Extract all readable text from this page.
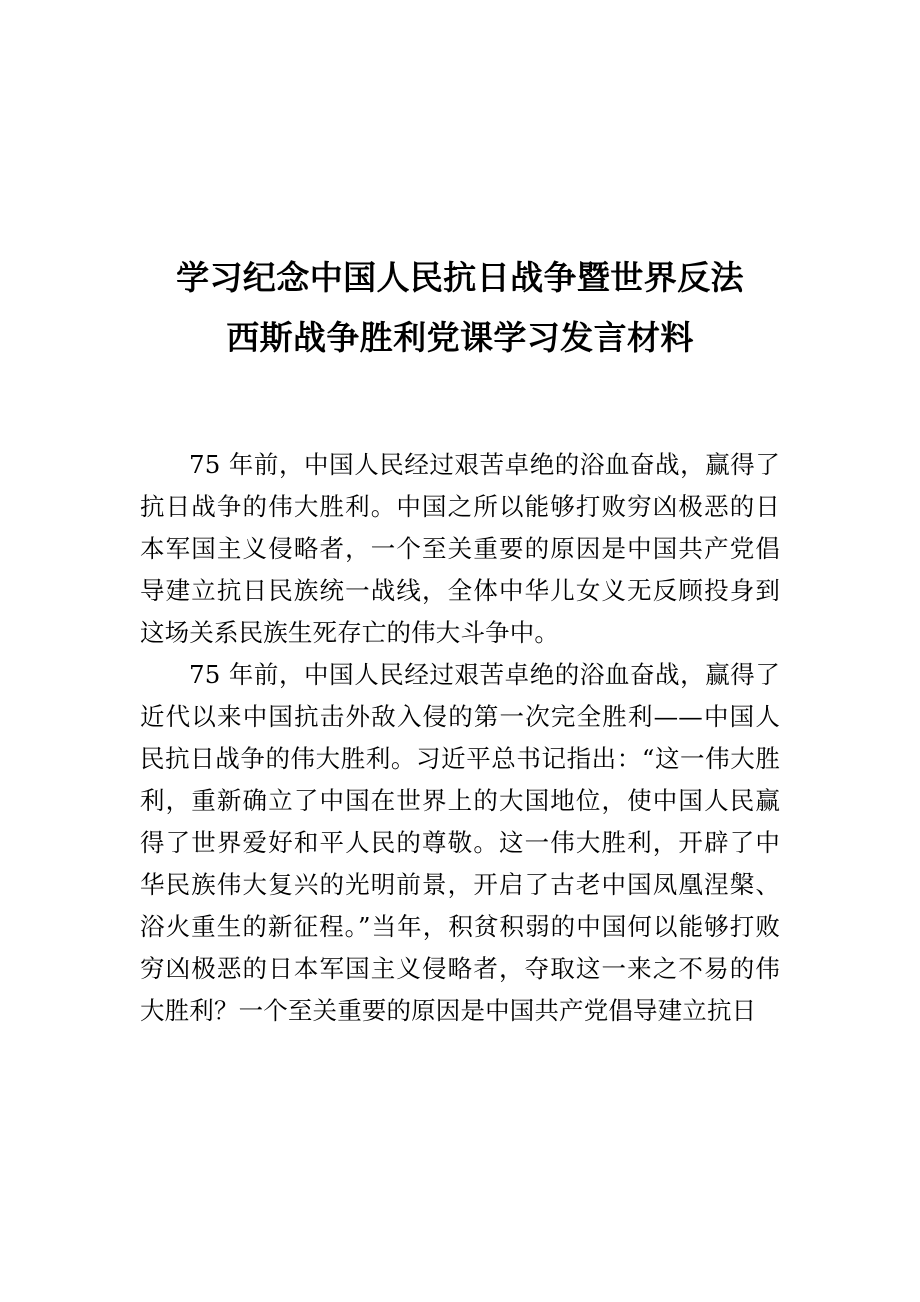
学习纪念中国人民抗日战争暨世界反法
西斯战争胜利党课学习发言材料

75 年前，中国人民经过艰苦卓绝的浴血奋战，赢得了抗日战争的伟大胜利。中国之所以能够打败穷凶极恶的日本军国主义侵略者，一个至关重要的原因是中国共产党倡导建立抗日民族统一战线，全体中华儿女义无反顾投身到这场关系民族生死存亡的伟大斗争中。

75 年前，中国人民经过艰苦卓绝的浴血奋战，赢得了近代以来中国抗击外敌入侵的第一次完全胜利——中国人民抗日战争的伟大胜利。习近平总书记指出：“这一伟大胜利，重新确立了中国在世界上的大国地位，使中国人民赢得了世界爱好和平人民的尊敬。这一伟大胜利，开辟了中华民族伟大复兴的光明前景，开启了古老中国凤凰涅槃、浴火重生的新征程。”当年，积贫积弱的中国何以能够打败穷凶极恶的日本军国主义侵略者，夺取这一来之不易的伟大胜利？一个至关重要的原因是中国共产党倡导建立抗日
